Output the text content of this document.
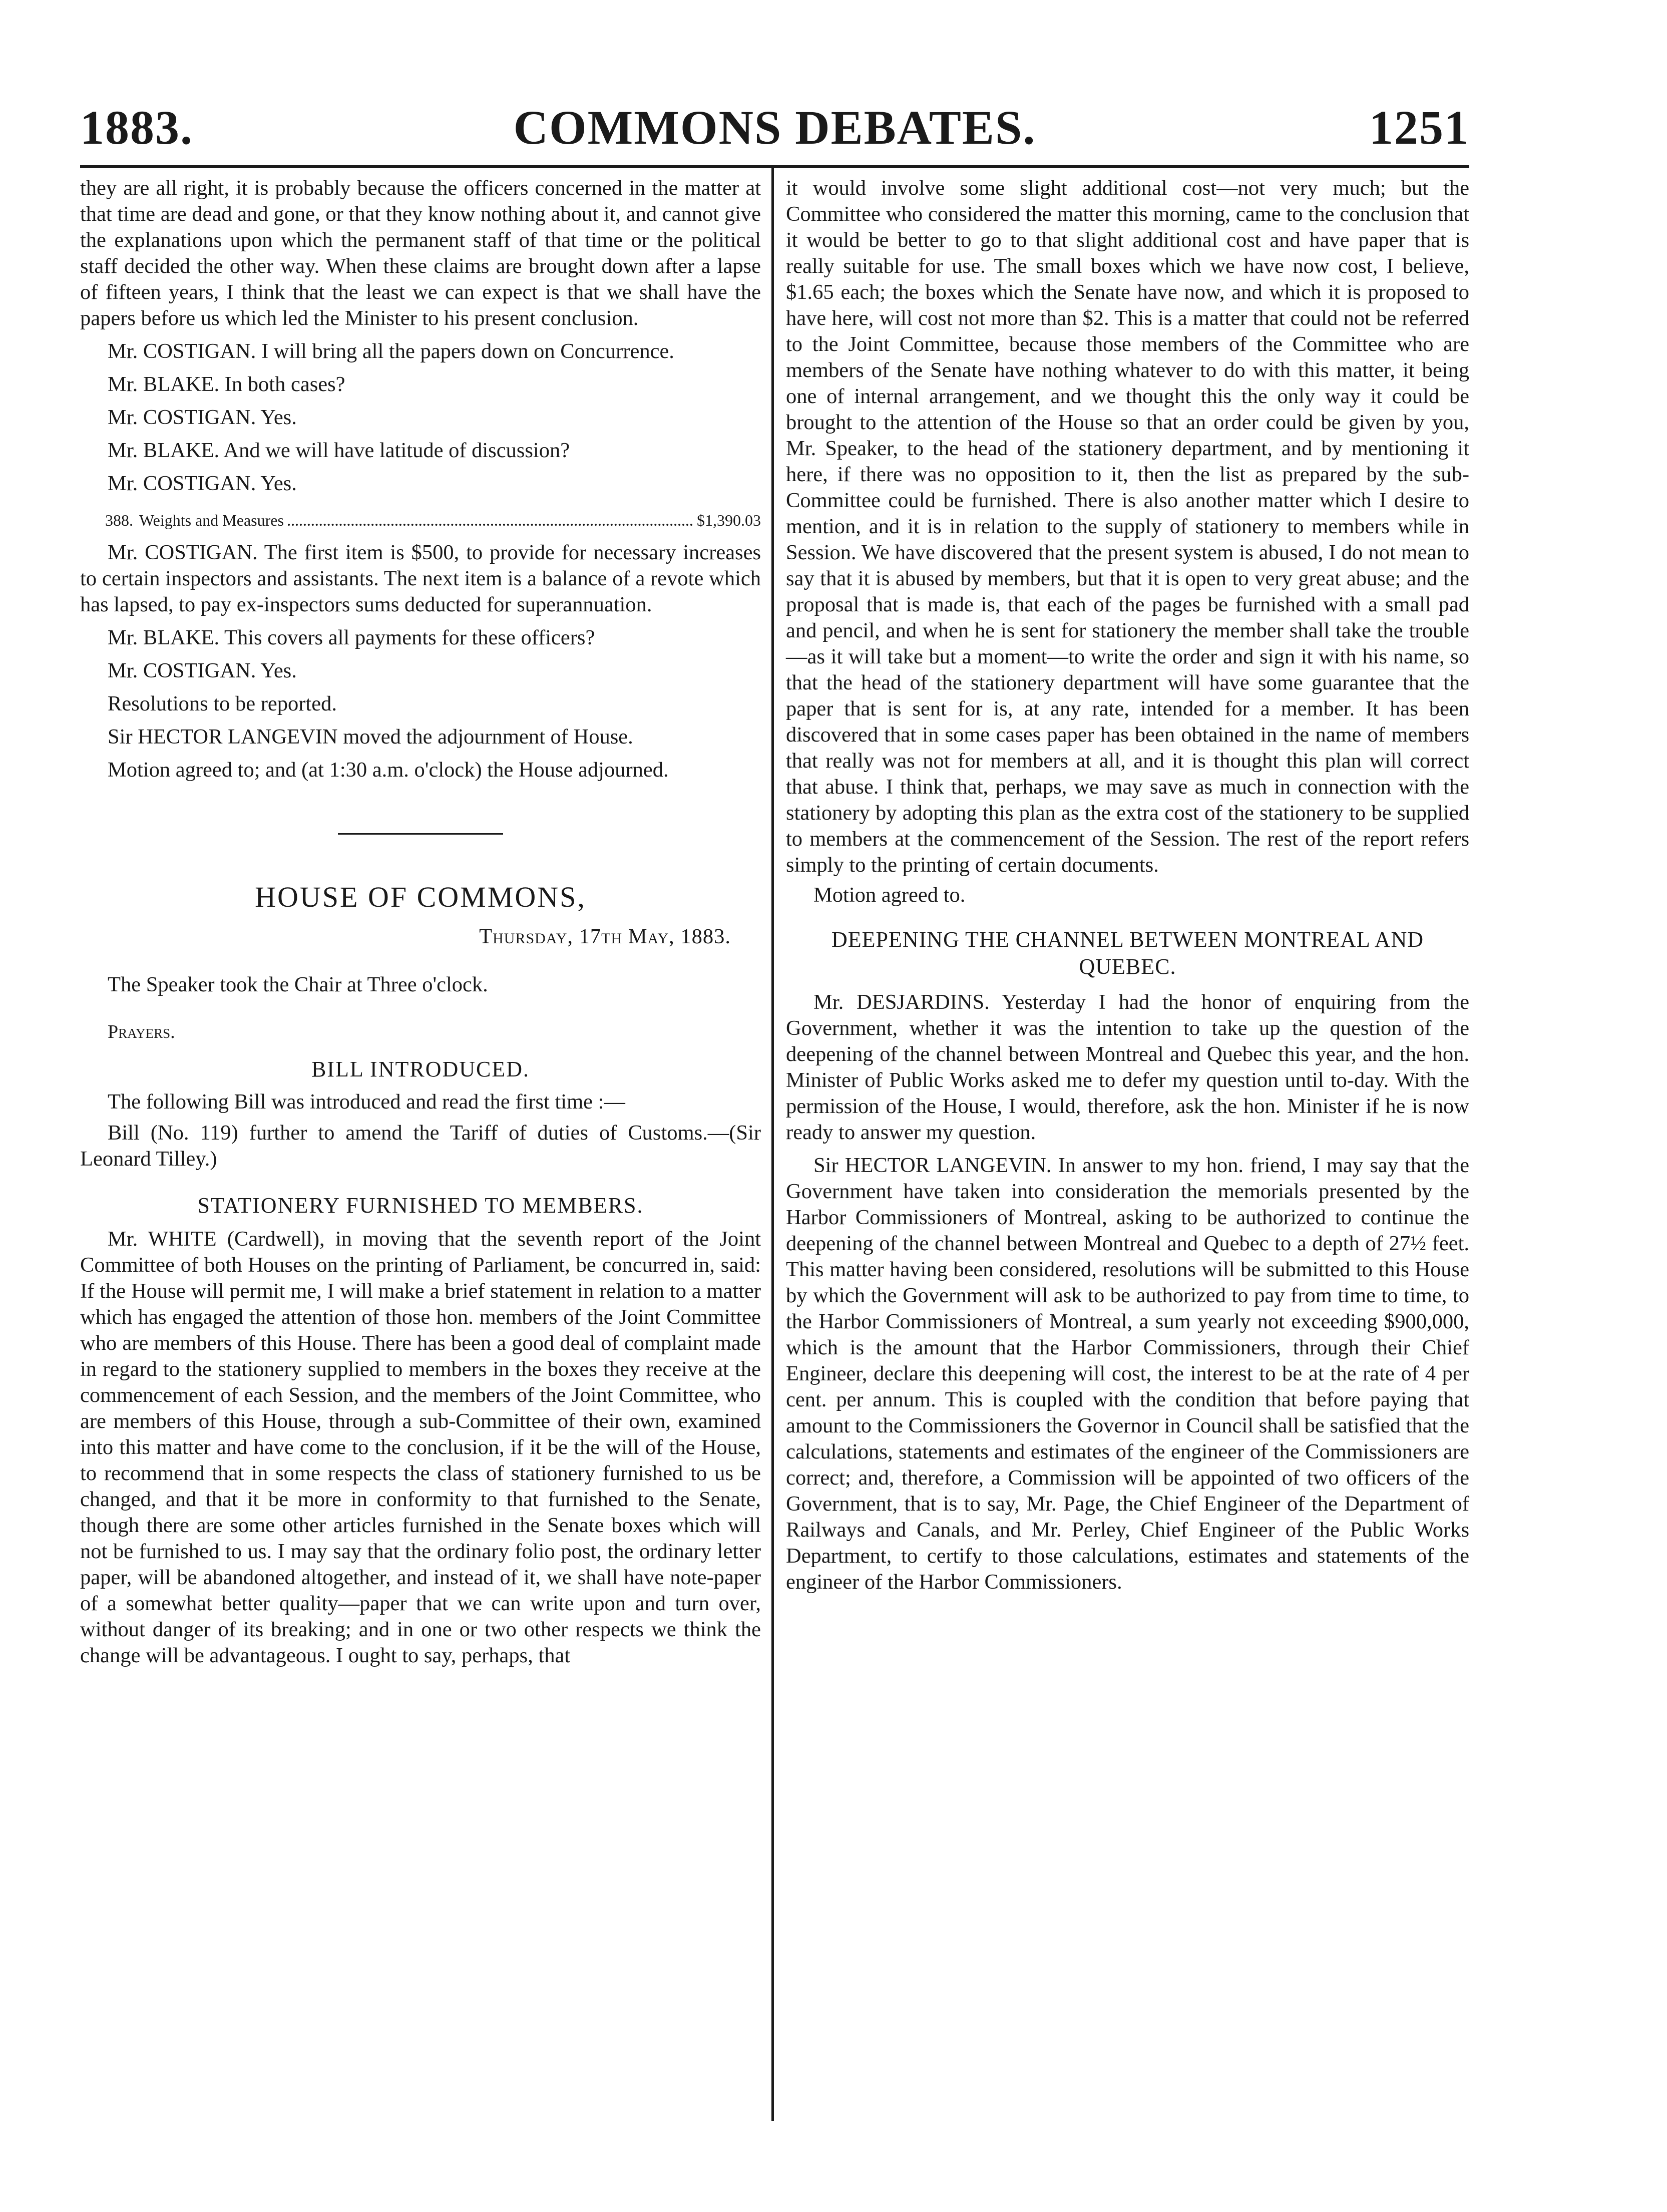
COMMONS DEBATES.
1883.	1251

they are all right, it is probably because the officers concerned in the matter at that time are dead and gone, or that they know nothing about it, and cannot give the explanations upon which the permanent staff of that time or the political staff decided the other way. When these claims are brought down after a lapse of fifteen years, I think that the least we can expect is that we shall have the papers before us which led the Minister to his present conclusion.

Mr. COSTIGAN. I will bring all the papers down on Concurrence.

Mr. BLAKE. In both cases?

Mr. COSTIGAN. Yes.

Mr. BLAKE. And we will have latitude of discussion?

Mr. COSTIGAN. Yes.

388. Weights and Measures	$1,390.03

Mr. COSTIGAN. The first item is $500, to provide for necessary increases to certain inspectors and assistants. The next item is a balance of a revote which has lapsed, to pay ex-inspectors sums deducted for superannuation.

Mr. BLAKE. This covers all payments for these officers?

Mr. COSTIGAN. Yes.

Resolutions to be reported.

Sir HECTOR LANGEVIN moved the adjournment of House.

Motion agreed to; and (at 1:30 a.m. o'clock) the House adjourned.

HOUSE OF COMMONS,
Thursday, 17th May, 1883.

The Speaker took the Chair at Three o'clock.

Prayers.
BILL INTRODUCED.

The following Bill was introduced and read the first time :—

Bill (No. 119) further to amend the Tariff of duties of Customs.—(Sir Leonard Tilley.)

STATIONERY FURNISHED TO MEMBERS.

Mr. WHITE (Cardwell), in moving that the seventh report of the Joint Committee of both Houses on the printing of Parliament, be concurred in, said: If the House will permit me, I will make a brief statement in relation to a matter which has engaged the attention of those hon. members of the Joint Committee who are members of this House. There has been a good deal of complaint made in regard to the stationery supplied to members in the boxes they receive at the commencement of each Session, and the members of the Joint Committee, who are members of this House, through a sub-Committee of their own, examined into this matter and have come to the conclusion, if it be the will of the House, to recommend that in some respects the class of stationery furnished to us be changed, and that it be more in conformity to that furnished to the Senate, though there are some other articles furnished in the Senate boxes which will not be furnished to us. I may say that the ordinary folio post, the ordinary letter paper, will be abandoned altogether, and instead of it, we shall have note-paper of a somewhat better quality—paper that we can write upon and turn over, without danger of its breaking; and in one or two other respects we think the change will be advantageous. I ought to say, perhaps, that

it would involve some slight additional cost—not very much; but the Committee who considered the matter this morning, came to the conclusion that it would be better to go to that slight additional cost and have paper that is really suitable for use. The small boxes which we have now cost, I believe, $1.65 each; the boxes which the Senate have now, and which it is proposed to have here, will cost not more than $2. This is a matter that could not be referred to the Joint Committee, because those members of the Committee who are members of the Senate have nothing whatever to do with this matter, it being one of internal arrangement, and we thought this the only way it could be brought to the attention of the House so that an order could be given by you, Mr. Speaker, to the head of the stationery department, and by mentioning it here, if there was no opposition to it, then the list as prepared by the sub-Committee could be furnished. There is also another matter which I desire to mention, and it is in relation to the supply of stationery to members while in Session. We have discovered that the present system is abused, I do not mean to say that it is abused by members, but that it is open to very great abuse; and the proposal that is made is, that each of the pages be furnished with a small pad and pencil, and when he is sent for stationery the member shall take the trouble—as it will take but a moment—to write the order and sign it with his name, so that the head of the stationery department will have some guarantee that the paper that is sent for is, at any rate, intended for a member. It has been discovered that in some cases paper has been obtained in the name of members that really was not for members at all, and it is thought this plan will correct that abuse. I think that, perhaps, we may save as much in connection with the stationery by adopting this plan as the extra cost of the stationery to be supplied to members at the commencement of the Session. The rest of the report refers simply to the printing of certain documents.

Motion agreed to.

DEEPENING THE CHANNEL BETWEEN MONTREAL AND QUEBEC.

Mr. DESJARDINS. Yesterday I had the honor of enquiring from the Government, whether it was the intention to take up the question of the deepening of the channel between Montreal and Quebec this year, and the hon. Minister of Public Works asked me to defer my question until to-day. With the permission of the House, I would, therefore, ask the hon. Minister if he is now ready to answer my question.

Sir HECTOR LANGEVIN. In answer to my hon. friend, I may say that the Government have taken into consideration the memorials presented by the Harbor Commissioners of Montreal, asking to be authorized to continue the deepening of the channel between Montreal and Quebec to a depth of 27½ feet. This matter having been considered, resolutions will be submitted to this House by which the Government will ask to be authorized to pay from time to time, to the Harbor Commissioners of Montreal, a sum yearly not exceeding $900,000, which is the amount that the Harbor Commissioners, through their Chief Engineer, declare this deepening will cost, the interest to be at the rate of 4 per cent. per annum. This is coupled with the condition that before paying that amount to the Commissioners the Governor in Council shall be satisfied that the calculations, statements and estimates of the engineer of the Commissioners are correct; and, therefore, a Commission will be appointed of two officers of the Government, that is to say, Mr. Page, the Chief Engineer of the Department of Railways and Canals, and Mr. Perley, Chief Engineer of the Public Works Department, to certify to those calculations, estimates and statements of the engineer of the Harbor Commissioners.
